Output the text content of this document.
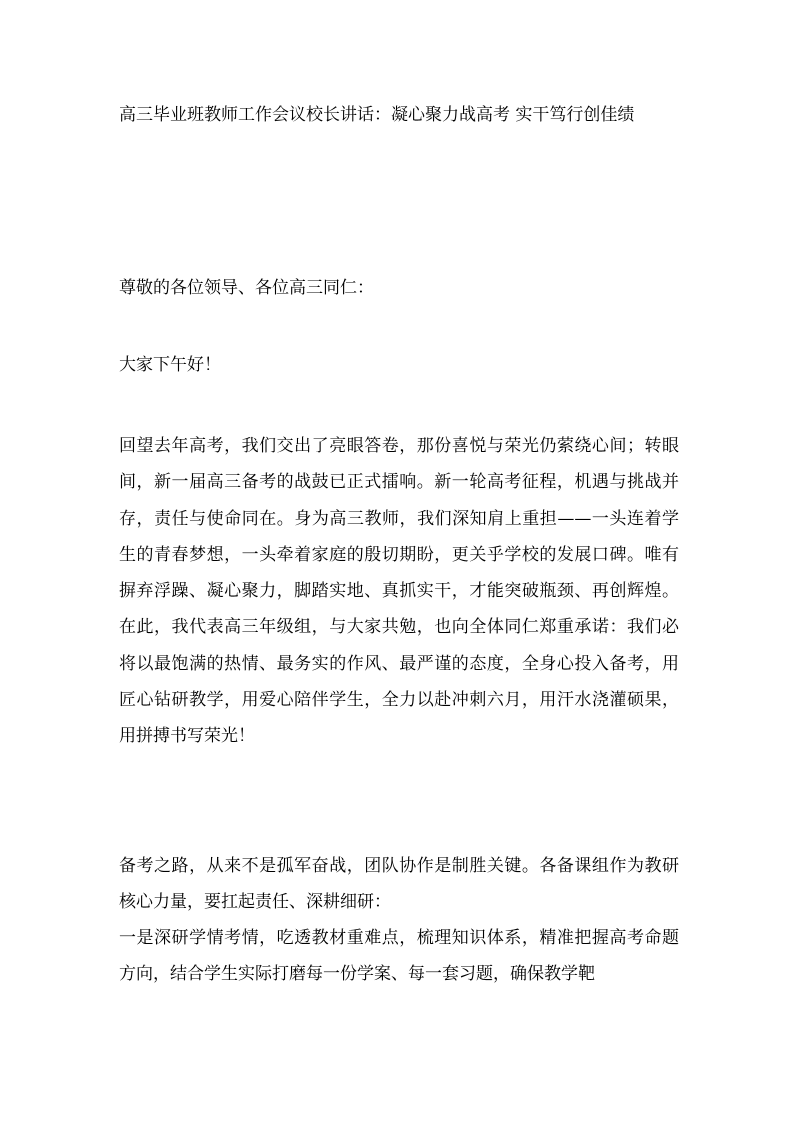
高三毕业班教师工作会议校长讲话：凝心聚力战高考 实干笃行创佳绩

尊敬的各位领导、各位高三同仁：

大家下午好！

回望去年高考，我们交出了亮眼答卷，那份喜悦与荣光仍萦绕心间；转眼间，新一届高三备考的战鼓已正式擂响。新一轮高考征程，机遇与挑战并存，责任与使命同在。身为高三教师，我们深知肩上重担——一头连着学生的青春梦想，一头牵着家庭的殷切期盼，更关乎学校的发展口碑。唯有摒弃浮躁、凝心聚力，脚踏实地、真抓实干，才能突破瓶颈、再创辉煌。在此，我代表高三年级组，与大家共勉，也向全体同仁郑重承诺：我们必将以最饱满的热情、最务实的作风、最严谨的态度，全身心投入备考，用匠心钻研教学，用爱心陪伴学生，全力以赴冲刺六月，用汗水浇灌硕果，用拼搏书写荣光！

备考之路，从来不是孤军奋战，团队协作是制胜关键。各备课组作为教研核心力量，要扛起责任、深耕细研：
一是深研学情考情，吃透教材重难点，梳理知识体系，精准把握高考命题方向，结合学生实际打磨每一份学案、每一套习题，确保教学靶
